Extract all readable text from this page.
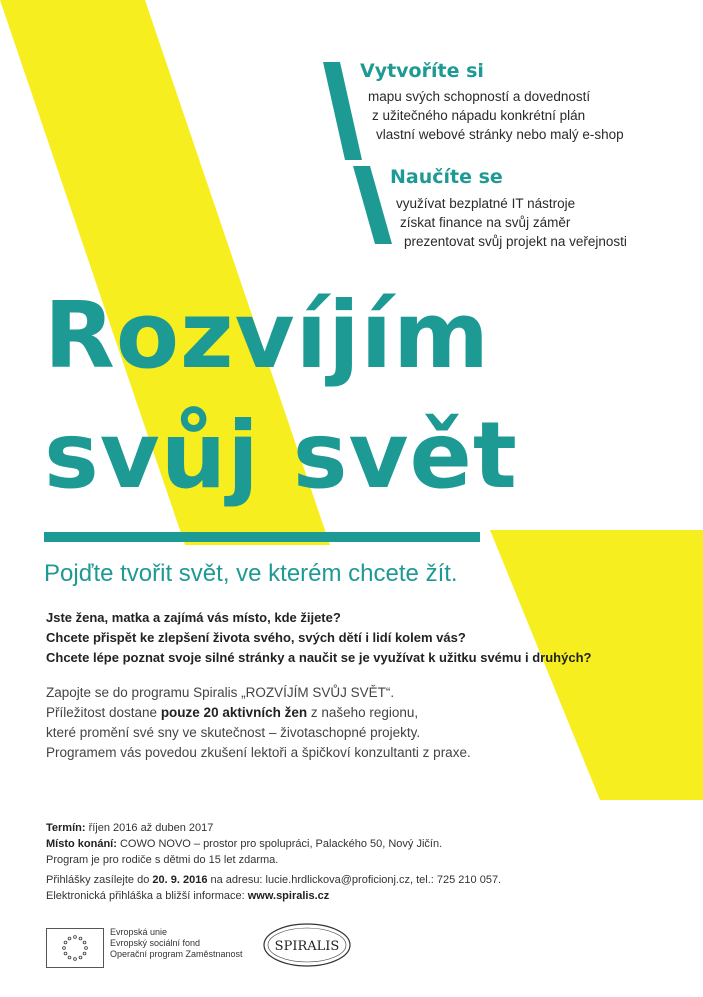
Vytvoříte si
mapu svých schopností a dovedností
z užitečného nápadu konkrétní plán
vlastní webové stránky nebo malý e-shop
Naučíte se
využívat bezplatné IT nástroje
získat finance na svůj záměr
prezentovat svůj projekt na veřejnosti
Rozvíjím
svůj svět
Pojďte tvořit svět, ve kterém chcete žít.
Jste žena, matka a zajímá vás místo, kde žijete?
Chcete přispět ke zlepšení života svého, svých dětí i lidí kolem vás?
Chcete lépe poznat svoje silné stránky a naučit se je využívat k užitku svému i druhých?
Zapojte se do programu Spiralis „ROZVÍJÍM SVŮJ SVĚT“.
Příležitost dostane pouze 20 aktivních žen z našeho regionu,
které promění své sny ve skutečnost – životaschopné projekty.
Programem vás povedou zkušení lektoři a špičkoví konzultanti z praxe.
Termín: říjen 2016 až duben 2017
Místo konání: COWO NOVO – prostor pro spolupráci, Palackého 50, Nový Jičín.
Program je pro rodiče s dětmi do 15 let zdarma.
Přihlášky zasílejte do 20. 9. 2016 na adresu: lucie.hrdlickova@proficionj.cz, tel.: 725 210 057.
Elektronická přihláška a bližší informace: www.spiralis.cz
Evropská unie
Evropský sociální fond
Operační program Zaměstnanost SPIRALIS
